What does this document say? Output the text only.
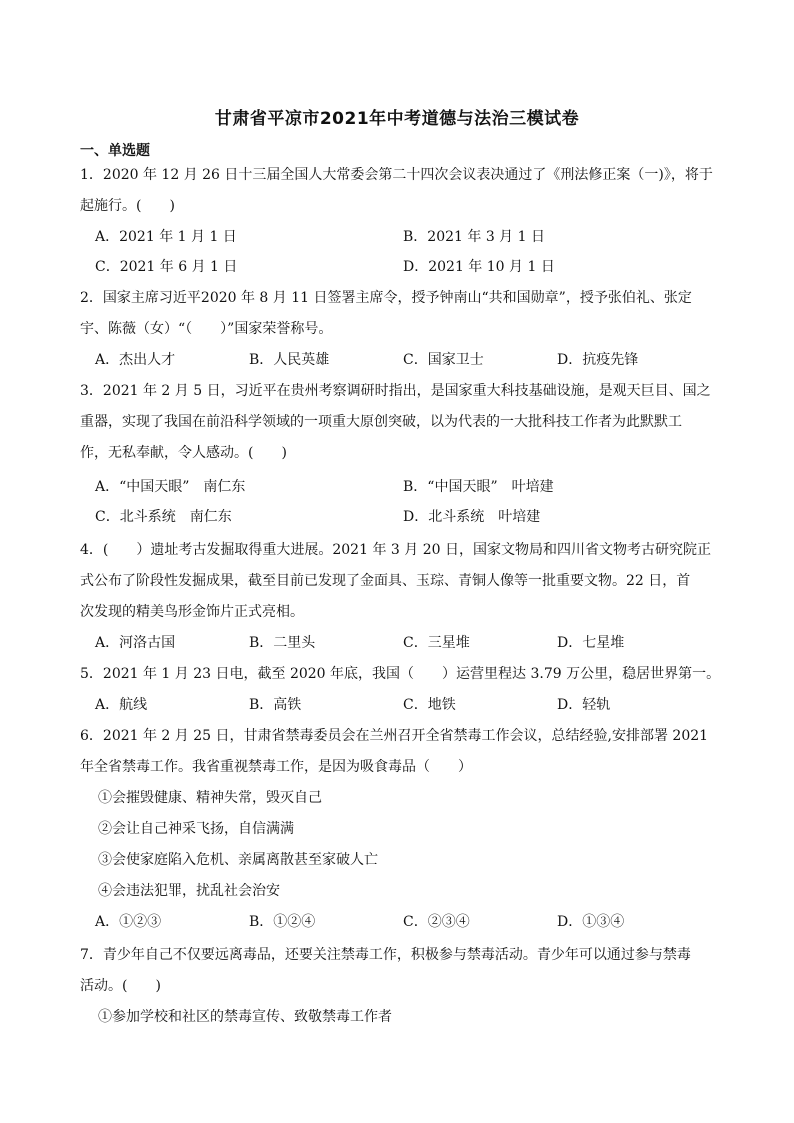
甘肃省平凉市2021年中考道德与法治三模试卷
一、单选题
1．2020 年 12 月 26 日十三届全国人大常委会第二十四次会议表决通过了《刑法修正案（一)》，将于
起施行。(　　)
A．2021 年 1 月 1 日	B．2021 年 3 月 1 日
C．2021 年 6 月 1 日	D．2021 年 10 月 1 日
2．国家主席习近平2020 年 8 月 11 日签署主席令，授予钟南山“共和国勋章”，授予张伯礼、张定
宇、陈薇（女）“（　　）”国家荣誉称号。
A．杰出人才	B．人民英雄	C．国家卫士	D．抗疫先锋
3．2021 年 2 月 5 日，习近平在贵州考察调研时指出，是国家重大科技基础设施，是观天巨目、国之
重器，实现了我国在前沿科学领域的一项重大原创突破，以为代表的一大批科技工作者为此默默工
作，无私奉献，令人感动。(　　)
A．“中国天眼”　南仁东	B．“中国天眼”　叶培建
C．北斗系统　南仁东	D．北斗系统　叶培建
4．(　　）遗址考古发掘取得重大进展。2021 年 3 月 20 日，国家文物局和四川省文物考古研究院正
式公布了阶段性发掘成果，截至目前已发现了金面具、玉琮、青铜人像等一批重要文物。22 日，首
次发现的精美鸟形金饰片正式亮相。
A．河洛古国	B．二里头	C．三星堆	D．七星堆
5．2021 年 1 月 23 日电，截至 2020 年底，我国（　　）运营里程达 3.79 万公里，稳居世界第一。
A．航线	B．高铁	C．地铁	D．轻轨
6．2021 年 2 月 25 日，甘肃省禁毒委员会在兰州召开全省禁毒工作会议，总结经验,安排部署 2021
年全省禁毒工作。我省重视禁毒工作，是因为吸食毒品（　　）
①会摧毁健康、精神失常，毁灭自己
②会让自己神采飞扬，自信满满
③会使家庭陷入危机、亲属离散甚至家破人亡
④会违法犯罪，扰乱社会治安
A．①②③	B．①②④	C．②③④	D．①③④
7．青少年自己不仅要远离毒品，还要关注禁毒工作，积极参与禁毒活动。青少年可以通过参与禁毒
活动。(　　)
①参加学校和社区的禁毒宣传、致敬禁毒工作者
